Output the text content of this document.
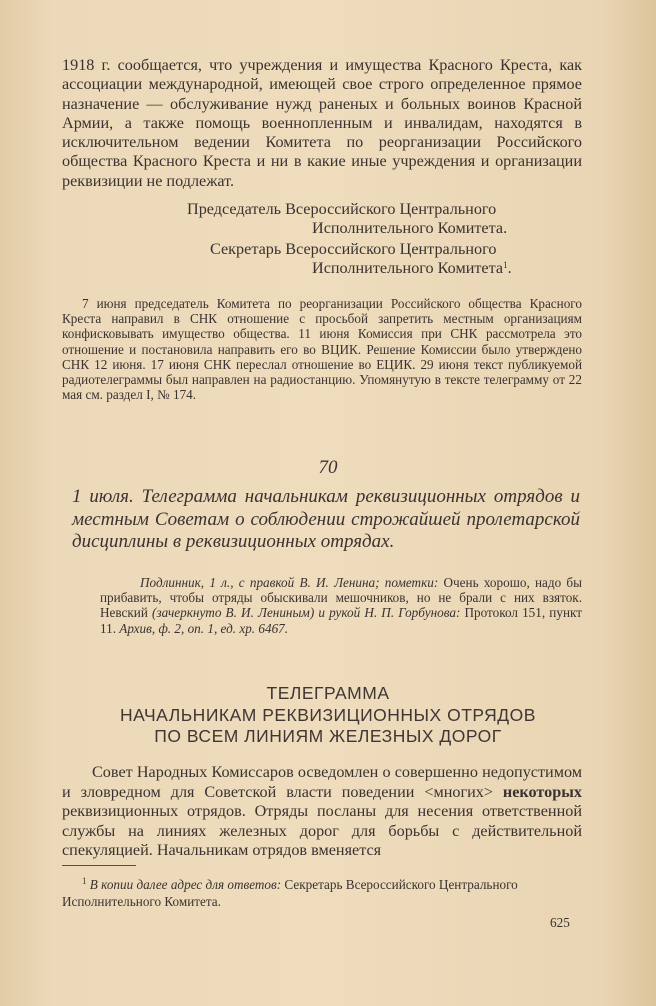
1918 г. сообщается, что учреждения и имущества Красного Креста, как ассоциации международной, имеющей свое строго определенное прямое назначение — обслуживание нужд раненых и больных воинов Красной Армии, а также помощь военнопленным и инвалидам, находятся в исключительном ведении Комитета по реорганизации Российского общества Красного Креста и ни в какие иные учреждения и организации реквизиции не подлежат.
Председатель Всероссийского Центрального
Исполнительного Комитета.
Секретарь Всероссийского Центрального
Исполнительного Комитета$^1$.
7 июня председатель Комитета по реорганизации Российского общества Красного Креста направил в СНК отношение с просьбой запретить местным организациям конфисковывать имущество общества. 11 июня Комиссия при СНК рассмотрела это отношение и постановила направить его во ВЦИК. Решение Комиссии было утверждено СНК 12 июня. 17 июня СНК переслал отношение во ЕЦИК. 29 июня текст публикуемой радиотелеграммы был направлен на радиостанцию. Упомянутую в тексте телеграмму от 22 мая см. раздел I, № 174.
70
1 июля. Телеграмма начальникам реквизиционных отрядов и местным Советам о соблюдении строжайшей пролетарской дисциплины в реквизиционных отрядах.
Подлинник, 1 л., с правкой В. И. Ленина; пометки: Очень хорошо, надо бы прибавить, чтобы отряды обыскивали мешочников, но не брали с них взяток. Невский (зачеркнуто В. И. Лениным) и рукой Н. П. Горбунова: Протокол 151, пункт 11. Архив, ф. 2, оп. 1, ед. хр. 6467.
ТЕЛЕГРАММА
НАЧАЛЬНИКАМ РЕКВИЗИЦИОННЫХ ОТРЯДОВ
ПО ВСЕМ ЛИНИЯМ ЖЕЛЕЗНЫХ ДОРОГ
Совет Народных Комиссаров осведомлен о совершенно недопустимом и зловредном для Советской власти поведении <многих> некоторых реквизиционных отрядов. Отряды посланы для несения ответственной службы на линиях железных дорог для борьбы с действительной спекуляцией. Начальникам отрядов вменяется
$^1$ В копии далее адрес для ответов: Секретарь Всероссийского Центрального Исполнительного Комитета.
625
